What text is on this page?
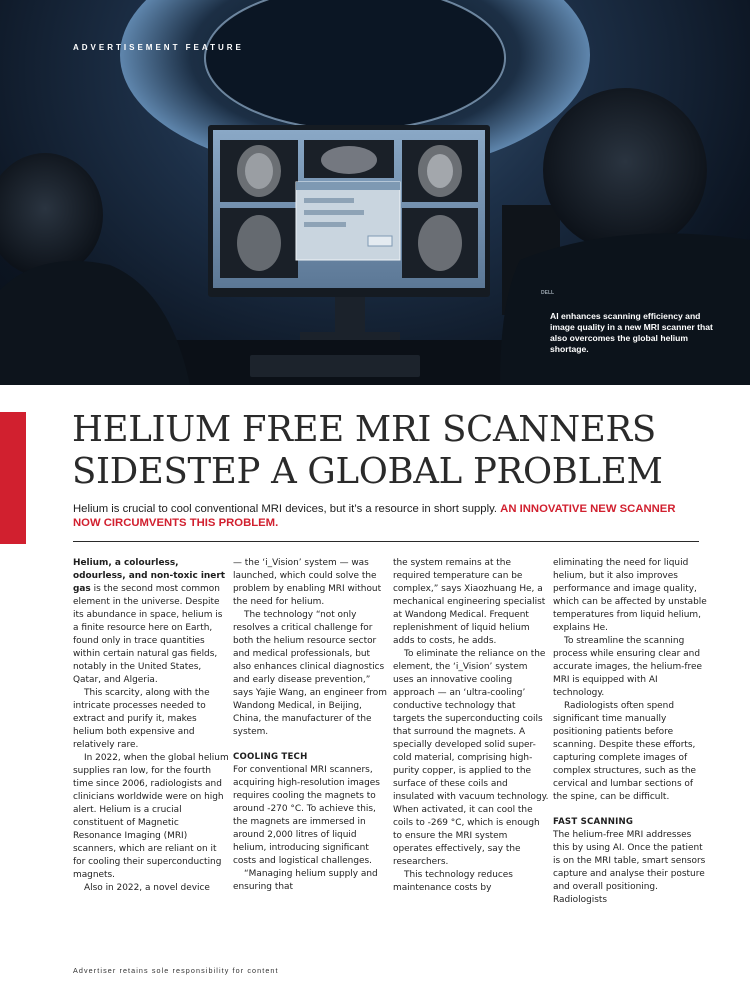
ADVERTISEMENT FEATURE
AI enhances scanning efficiency and image quality in a new MRI scanner that also overcomes the global helium shortage.
DELL
HELIUM FREE MRI SCANNERS
SIDESTEP A GLOBAL PROBLEM
Helium is crucial to cool conventional MRI devices, but it’s a resource in short supply. AN INNOVATIVE NEW SCANNER NOW CIRCUMVENTS THIS PROBLEM.

Helium, a colourless, odourless, and non-toxic inert gas is the second most common element in the universe. Despite its abundance in space, helium is a finite resource here on Earth, found only in trace quantities within certain natural gas fields, notably in the United States, Qatar, and Algeria.

This scarcity, along with the intricate processes needed to extract and purify it, makes helium both expensive and relatively rare.

In 2022, when the global helium supplies ran low, for the fourth time since 2006, radiologists and clinicians worldwide were on high alert. Helium is a crucial constituent of Magnetic Resonance Imaging (MRI) scanners, which are reliant on it for cooling their superconducting magnets.

Also in 2022, a novel device

— the ‘i_Vision’ system — was launched, which could solve the problem by enabling MRI without the need for helium.

The technology “not only resolves a critical challenge for both the helium resource sector and medical professionals, but also enhances clinical diagnostics and early disease prevention,” says Yajie Wang, an engineer from Wandong Medical, in Beijing, China, the manufacturer of the system.

COOLING TECH

For conventional MRI scanners, acquiring high-resolution images requires cooling the magnets to around -270 °C. To achieve this, the magnets are immersed in around 2,000 litres of liquid helium, introducing significant costs and logistical challenges.

“Managing helium supply and ensuring that

the system remains at the required temperature can be complex,” says Xiaozhuang He, a mechanical engineering specialist at Wandong Medical. Frequent replenishment of liquid helium adds to costs, he adds.

To eliminate the reliance on the element, the ‘i_Vision’ system uses an innovative cooling approach — an ‘ultra-cooling’ conductive technology that targets the superconducting coils that surround the magnets. A specially developed solid super-cold material, comprising high-purity copper, is applied to the surface of these coils and insulated with vacuum technology. When activated, it can cool the coils to -269 °C, which is enough to ensure the MRI system operates effectively, say the researchers.

This technology reduces maintenance costs by

eliminating the need for liquid helium, but it also improves performance and image quality, which can be affected by unstable temperatures from liquid helium, explains He.

To streamline the scanning process while ensuring clear and accurate images, the helium-free MRI is equipped with AI technology.

Radiologists often spend significant time manually positioning patients before scanning. Despite these efforts, capturing complete images of complex structures, such as the cervical and lumbar sections of the spine, can be difficult.

FAST SCANNING

The helium-free MRI addresses this by using AI. Once the patient is on the MRI table, smart sensors capture and analyse their posture and overall positioning. Radiologists

Advertiser retains sole responsibility for content
